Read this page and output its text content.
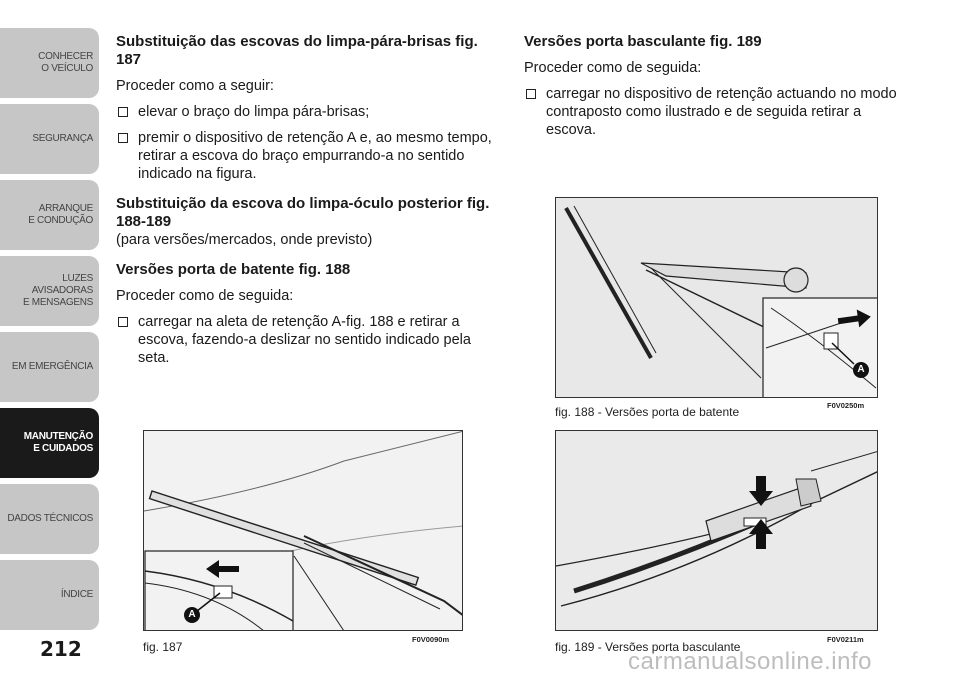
CONHECER
O VEÍCULO
SEGURANÇA
ARRANQUE
E CONDUÇÃO
LUZES AVISADORAS
E MENSAGENS
EM EMERGÊNCIA
MANUTENÇÃO
E CUIDADOS
DADOS TÉCNICOS
ÍNDICE
212
Substituição das escovas do limpa-pára-brisas fig. 187

Proceder como a seguir:

elevar o braço do limpa pára-brisas;

premir o dispositivo de retenção A e, ao mesmo tempo, retirar a escova do braço empurrando-a no sentido indicado na figura.

Substituição da escova do limpa-óculo posterior fig. 188-189

(para versões/mercados, onde previsto)

Versões porta de batente fig. 188

Proceder como de seguida:

carregar na aleta de retenção A-fig. 188 e retirar a escova, fazendo-a deslizar no sentido indicado pela seta.

Versões porta basculante fig. 189

Proceder como de seguida:

carregar no dispositivo de retenção actuando no modo contraposto como ilustrado e de seguida retirar a escova.

A
fig. 187
F0V0090m
A
fig. 188 - Versões porta de batente	F0V0250m
fig. 189 - Versões porta basculante
F0V0211m
carmanualsonline.info
